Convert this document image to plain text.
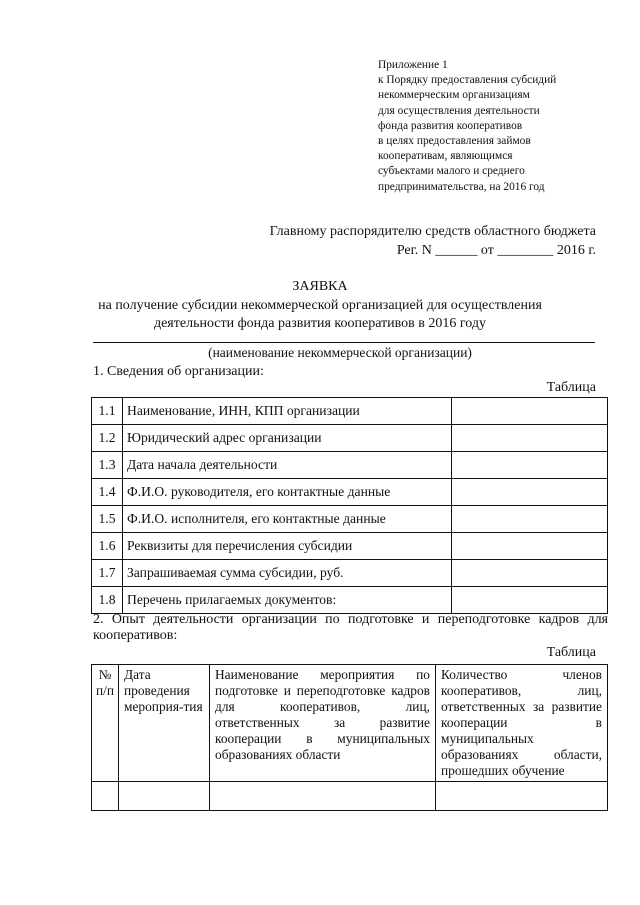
Приложение 1
к Порядку предоставления субсидий
некоммерческим организациям
для осуществления деятельности
фонда развития кооперативов
в целях предоставления займов
кооперативам, являющимся
субъектами малого и среднего
предпринимательства, на 2016 год
Главному распорядителю средств областного бюджета
Рег. N ______ от ________ 2016 г.
ЗАЯВКА
на получение субсидии некоммерческой организацией для осуществления
деятельности фонда развития кооперативов в 2016 году
(наименование некоммерческой организации)
1. Сведения об организации:
Таблица
1.1	Наименование, ИНН, КПП организации	
1.2	Юридический адрес организации	
1.3	Дата начала деятельности	
1.4	Ф.И.О. руководителя, его контактные данные	
1.5	Ф.И.О. исполнителя, его контактные данные	
1.6	Реквизиты для перечисления субсидии	
1.7	Запрашиваемая сумма субсидии, руб.	
1.8	Перечень прилагаемых документов:	
2. Опыт деятельности организации по подготовке и переподготовке кадров для кооперативов:
Таблица
№ п/п	Дата проведения мероприя-тия	Наименование мероприятия по подготовке и переподготовке кадров для кооперативов, лиц, ответственных за развитие кооперации в муниципальных образованиях области	Количество членов кооперативов, лиц, ответственных за развитие кооперации в муниципальных образованиях области, прошедших обучение
